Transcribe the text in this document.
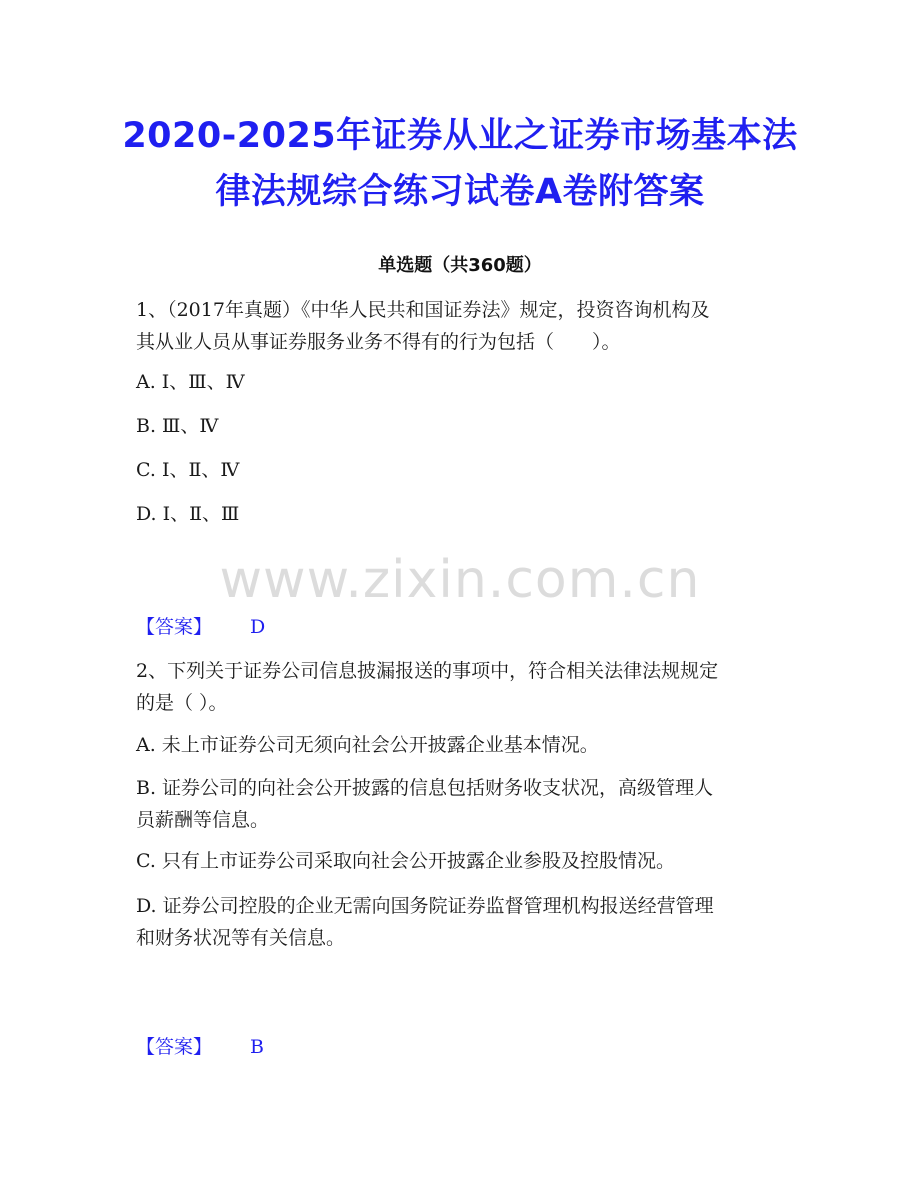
2020-2025年证券从业之证券市场基本法
律法规综合练习试卷A卷附答案
单选题（共360题）
1、（2017年真题）《中华人民共和国证券法》规定，投资咨询机构及
其从业人员从事证券服务业务不得有的行为包括（　　）。
A. Ⅰ、Ⅲ、Ⅳ
B. Ⅲ、Ⅳ
C. Ⅰ、Ⅱ、Ⅳ
D. Ⅰ、Ⅱ、Ⅲ
www.zixin.com.cn
【答案】 D
2、下列关于证券公司信息披漏报送的事项中，符合相关法律法规规定
的是（ ）。
A. 未上市证券公司无须向社会公开披露企业基本情况。
B. 证券公司的向社会公开披露的信息包括财务收支状况，高级管理人
员薪酬等信息。
C. 只有上市证券公司采取向社会公开披露企业参股及控股情况。
D. 证券公司控股的企业无需向国务院证券监督管理机构报送经营管理
和财务状况等有关信息。
【答案】 B
